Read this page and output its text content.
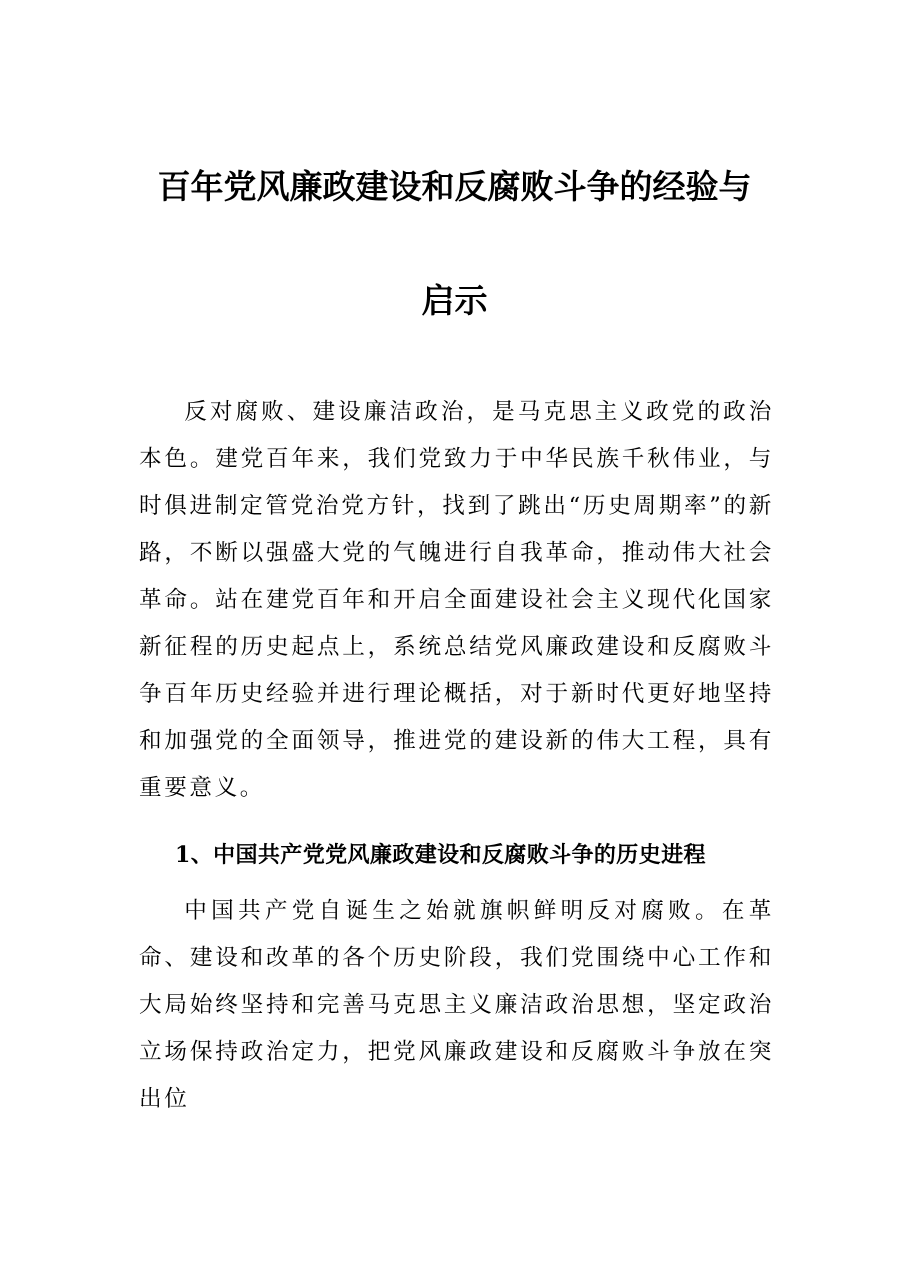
百年党风廉政建设和反腐败斗争的经验与
启示

反对腐败、建设廉洁政治，是马克思主义政党的政治本色。建党百年来，我们党致力于中华民族千秋伟业，与时俱进制定管党治党方针，找到了跳出“历史周期率”的新路，不断以强盛大党的气魄进行自我革命，推动伟大社会革命。站在建党百年和开启全面建设社会主义现代化国家新征程的历史起点上，系统总结党风廉政建设和反腐败斗争百年历史经验并进行理论概括，对于新时代更好地坚持和加强党的全面领导，推进党的建设新的伟大工程，具有重要意义。

1、中国共产党党风廉政建设和反腐败斗争的历史进程

中国共产党自诞生之始就旗帜鲜明反对腐败。在革命、建设和改革的各个历史阶段，我们党围绕中心工作和大局始终坚持和完善马克思主义廉洁政治思想，坚定政治立场保持政治定力，把党风廉政建设和反腐败斗争放在突出位
